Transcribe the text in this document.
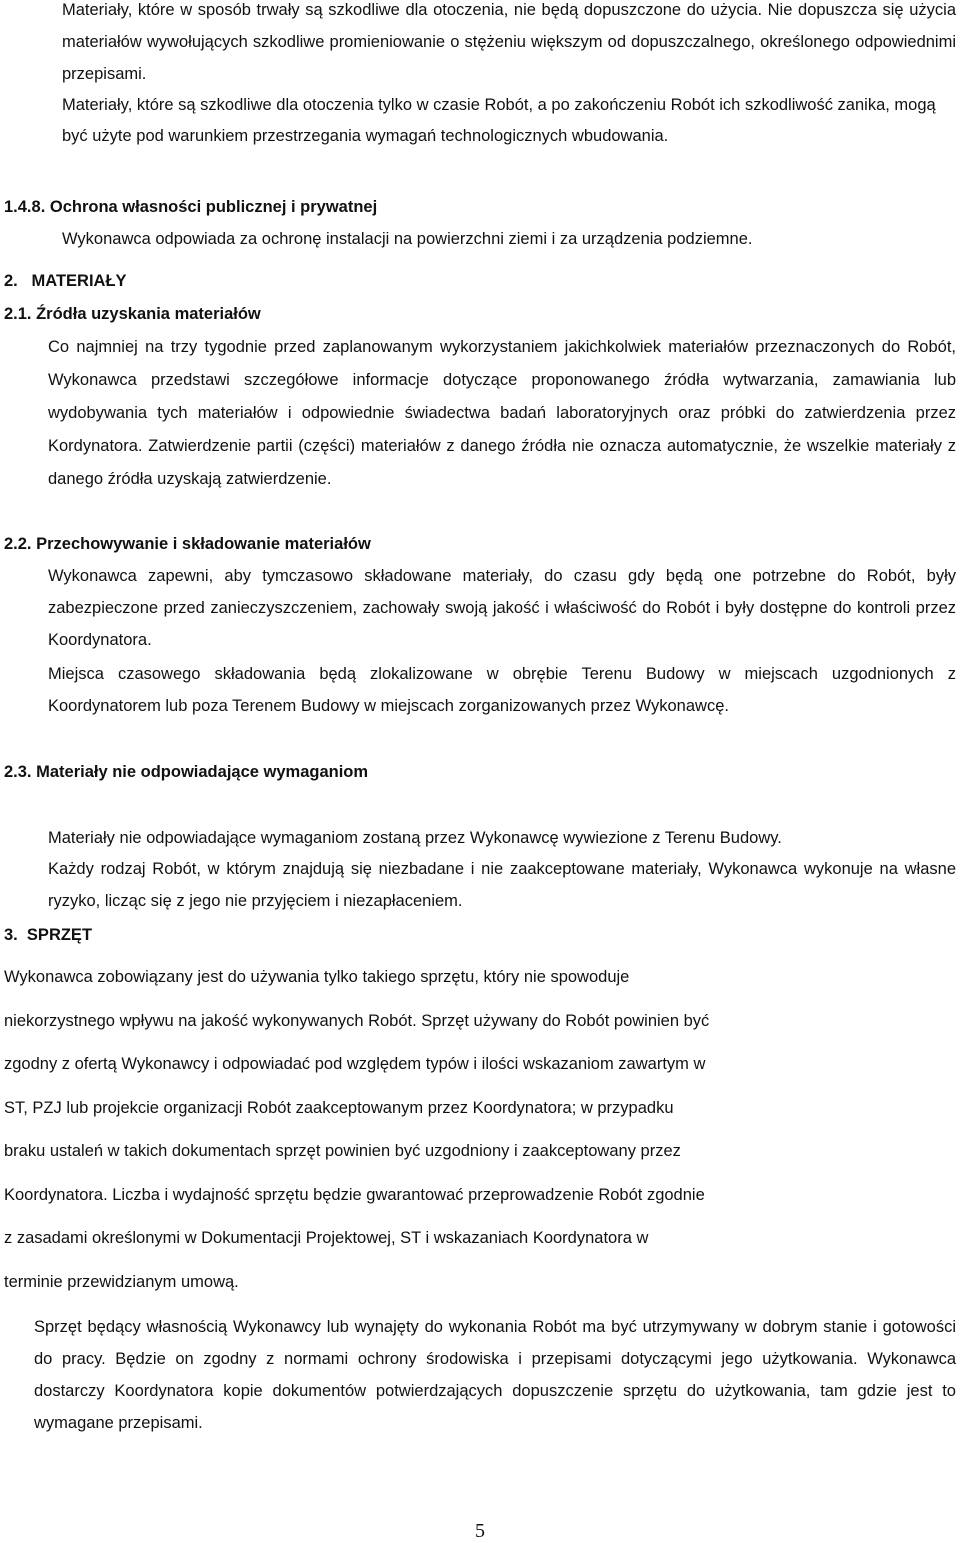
Materiały, które w sposób trwały są szkodliwe dla otoczenia, nie będą dopuszczone do użycia. Nie dopuszcza się użycia materiałów wywołujących szkodliwe promieniowanie o stężeniu większym od dopuszczalnego, określonego odpowiednimi przepisami.

Materiały, które są szkodliwe dla otoczenia tylko w czasie Robót, a po zakończeniu Robót ich szkodliwość zanika, mogą być użyte pod warunkiem przestrzegania wymagań technologicznych wbudowania.

1.4.8. Ochrona własności publicznej i prywatnej
Wykonawca odpowiada za ochronę instalacji na powierzchni ziemi i za urządzenia podziemne.
2.   MATERIAŁY
2.1. Źródła uzyskania materiałów

Co najmniej na trzy tygodnie przed zaplanowanym wykorzystaniem jakichkolwiek materiałów przeznaczonych do Robót, Wykonawca przedstawi szczegółowe informacje dotyczące proponowanego źródła wytwarzania, zamawiania lub wydobywania tych materiałów i odpowiednie świadectwa badań laboratoryjnych oraz próbki do zatwierdzenia przez Kordynatora. Zatwierdzenie partii (części) materiałów z danego źródła nie oznacza automatycznie, że wszelkie materiały z danego źródła uzyskają zatwierdzenie.

2.2. Przechowywanie i składowanie materiałów

Wykonawca zapewni, aby tymczasowo składowane materiały, do czasu gdy będą one potrzebne do Robót, były zabezpieczone przed zanieczyszczeniem, zachowały swoją jakość i właściwość do Robót i były dostępne do kontroli przez Koordynatora.

Miejsca czasowego składowania będą zlokalizowane w obrębie Terenu Budowy w miejscach uzgodnionych z Koordynatorem lub poza Terenem Budowy w miejscach zorganizowanych przez Wykonawcę.

2.3. Materiały nie odpowiadające wymaganiom
Materiały nie odpowiadające wymaganiom zostaną przez Wykonawcę wywiezione z Terenu Budowy.

Każdy rodzaj Robót, w którym znajdują się niezbadane i nie zaakceptowane materiały, Wykonawca wykonuje na własne ryzyko, licząc się z jego nie przyjęciem i niezapłaceniem.

3.  SPRZĘT
Wykonawca zobowiązany jest do używania tylko takiego sprzętu, który nie spowoduje
niekorzystnego wpływu na jakość wykonywanych Robót. Sprzęt używany do Robót powinien być
zgodny z ofertą Wykonawcy i odpowiadać pod względem typów i ilości wskazaniom zawartym w
ST, PZJ lub projekcie organizacji Robót zaakceptowanym przez Koordynatora; w przypadku
braku ustaleń w takich dokumentach sprzęt powinien być uzgodniony i zaakceptowany przez
Koordynatora. Liczba i wydajność sprzętu będzie gwarantować przeprowadzenie Robót zgodnie
z zasadami określonymi w Dokumentacji Projektowej, ST i wskazaniach Koordynatora w
terminie przewidzianym umową.

Sprzęt będący własnością Wykonawcy lub wynajęty do wykonania Robót ma być utrzymywany w dobrym stanie i gotowości do pracy. Będzie on zgodny z normami ochrony środowiska i przepisami dotyczącymi jego użytkowania. Wykonawca dostarczy Koordynatora kopie dokumentów potwierdzających dopuszczenie sprzętu do użytkowania, tam gdzie jest to wymagane przepisami.

5
